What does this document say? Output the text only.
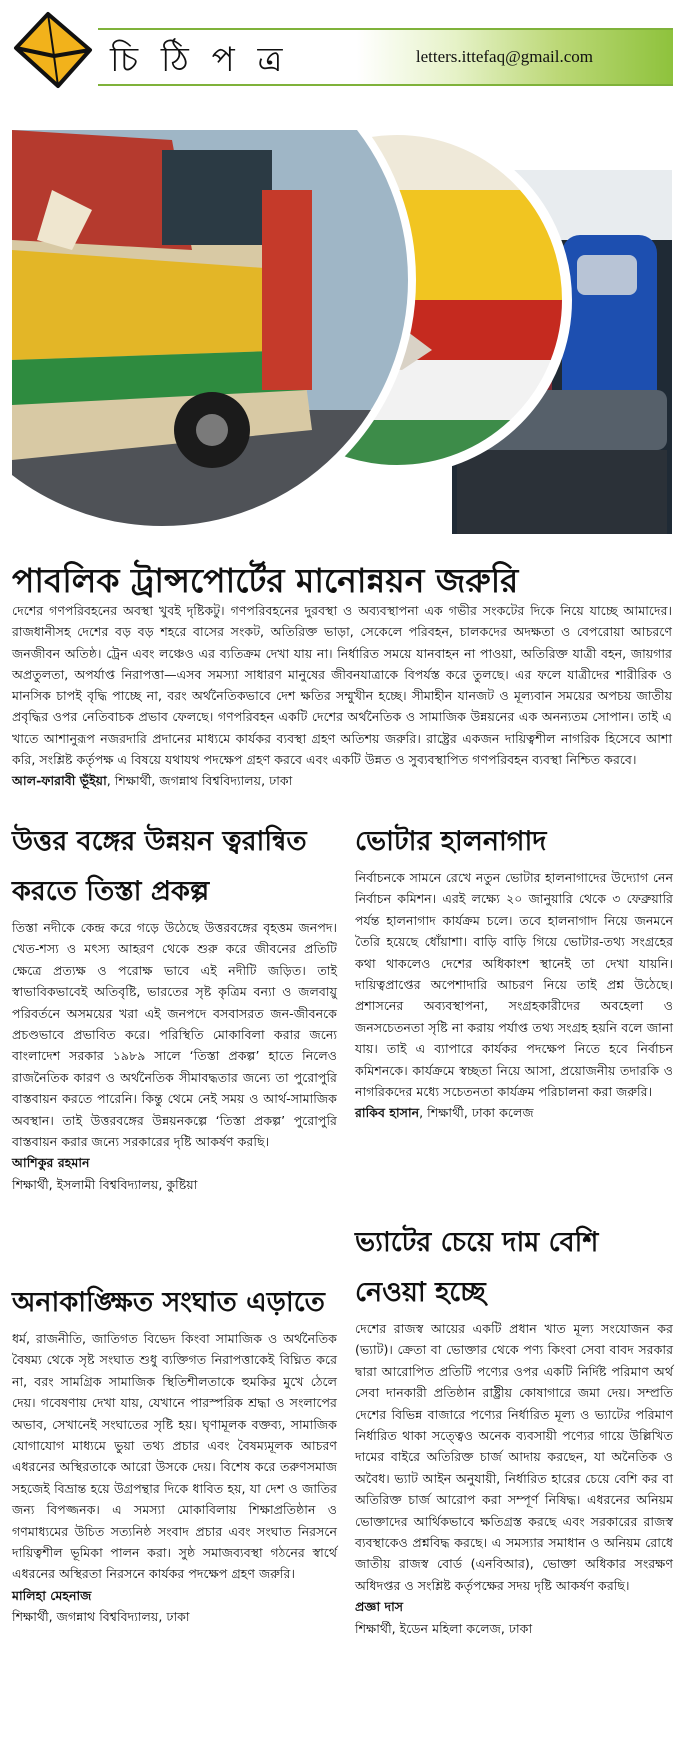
চি ঠি প ত্র	letters.ittefaq@gmail.com
পাবলিক ট্রান্সপোর্টের মানোন্নয়ন জরুরি
দেশের গণপরিবহনের অবস্থা খুবই দৃষ্টিকটু। গণপরিবহনের দুরবস্থা ও অব্যবস্থাপনা এক গভীর সংকটের দিকে নিয়ে যাচ্ছে আমাদের। রাজধানীসহ দেশের বড় বড় শহরে বাসের সংকট, অতিরিক্ত ভাড়া, সেকেলে পরিবহন, চালকদের অদক্ষতা ও বেপরোয়া আচরণে জনজীবন অতিষ্ঠ। ট্রেন এবং লঞ্চেও এর ব্যতিক্রম দেখা যায় না। নির্ধারিত সময়ে যানবাহন না পাওয়া, অতিরিক্ত যাত্রী বহন, জায়গার অপ্রতুলতা, অপর্যাপ্ত নিরাপত্তা—এসব সমস্যা সাধারণ মানুষের জীবনযাত্রাকে বিপর্যস্ত করে তুলছে। এর ফলে যাত্রীদের শারীরিক ও মানসিক চাপই বৃদ্ধি পাচ্ছে না, বরং অর্থনৈতিকভাবে দেশ ক্ষতির সম্মুখীন হচ্ছে। সীমাহীন যানজট ও মূল্যবান সময়ের অপচয় জাতীয় প্রবৃদ্ধির ওপর নেতিবাচক প্রভাব ফেলছে। গণপরিবহন একটি দেশের অর্থনৈতিক ও সামাজিক উন্নয়নের এক অনন্যতম সোপান। তাই এ খাতে আশানুরূপ নজরদারি প্রদানের মাধ্যমে কার্যকর ব্যবস্থা গ্রহণ অতিশয় জরুরি। রাষ্ট্রের একজন দায়িত্বশীল নাগরিক হিসেবে আশা করি, সংশ্লিষ্ট কর্তৃপক্ষ এ বিষয়ে যথাযথ পদক্ষেপ গ্রহণ করবে এবং একটি উন্নত ও সুব্যবস্থাপিত গণপরিবহন ব্যবস্থা নিশ্চিত করবে।
আল-ফারাবী ভূঁইয়া, শিক্ষার্থী, জগন্নাথ বিশ্ববিদ্যালয়, ঢাকা
উত্তর বঙ্গের উন্নয়ন ত্বরান্বিত করতে তিস্তা প্রকল্প
তিস্তা নদীকে কেন্দ্র করে গড়ে উঠেছে উত্তরবঙ্গের বৃহত্তম জনপদ। খেত-শস্য ও মৎস্য আহরণ থেকে শুরু করে জীবনের প্রতিটি ক্ষেত্রে প্রত্যক্ষ ও পরোক্ষ ভাবে এই নদীটি জড়িত। তাই স্বাভাবিকভাবেই অতিবৃষ্টি, ভারতের সৃষ্ট কৃত্রিম বন্যা ও জলবায়ু পরিবর্তনে অসময়ের খরা এই জনপদে বসবাসরত জন-জীবনকে প্রচণ্ডভাবে প্রভাবিত করে। পরিস্থিতি মোকাবিলা করার জন্যে বাংলাদেশ সরকার ১৯৮৯ সালে ‘তিস্তা প্রকল্প’ হাতে নিলেও রাজনৈতিক কারণ ও অর্থনৈতিক সীমাবদ্ধতার জন্যে তা পুরোপুরি বাস্তবায়ন করতে পারেনি। কিন্তু থেমে নেই সময় ও আর্থ-সামাজিক অবস্থান। তাই উত্তরবঙ্গের উন্নয়নকল্পে ‘তিস্তা প্রকল্প’ পুরোপুরি বাস্তবায়ন করার জন্যে সরকারের দৃষ্টি আকর্ষণ করছি।
আশিকুর রহমান
শিক্ষার্থী, ইসলামী বিশ্ববিদ্যালয়, কুষ্টিয়া
অনাকাঙ্ক্ষিত সংঘাত এড়াতে
ধর্ম, রাজনীতি, জাতিগত বিভেদ কিংবা সামাজিক ও অর্থনৈতিক বৈষম্য থেকে সৃষ্ট সংঘাত শুধু ব্যক্তিগত নিরাপত্তাকেই বিঘ্নিত করে না, বরং সামগ্রিক সামাজিক স্থিতিশীলতাকে হুমকির মুখে ঠেলে দেয়। গবেষণায় দেখা যায়, যেখানে পারস্পরিক শ্রদ্ধা ও সংলাপের অভাব, সেখানেই সংঘাতের সৃষ্টি হয়। ঘৃণামূলক বক্তব্য, সামাজিক যোগাযোগ মাধ্যমে ভুয়া তথ্য প্রচার এবং বৈষম্যমূলক আচরণ এধরনের অস্থিরতাকে আরো উসকে দেয়। বিশেষ করে তরুণসমাজ সহজেই বিভ্রান্ত হয়ে উগ্রপন্থার দিকে ধাবিত হয়, যা দেশ ও জাতির জন্য বিপজ্জনক। এ সমস্যা মোকাবিলায় শিক্ষাপ্রতিষ্ঠান ও গণমাধ্যমের উচিত সত্যনিষ্ঠ সংবাদ প্রচার এবং সংঘাত নিরসনে দায়িত্বশীল ভূমিকা পালন করা। সুষ্ঠ সমাজব্যবস্থা গঠনের স্বার্থে এধরনের অস্থিরতা নিরসনে কার্যকর পদক্ষেপ গ্রহণ জরুরি।
মালিহা মেহনাজ
শিক্ষার্থী, জগন্নাথ বিশ্ববিদ্যালয়, ঢাকা
ভোটার হালনাগাদ
নির্বাচনকে সামনে রেখে নতুন ভোটার হালনাগাদের উদ্যোগ নেন নির্বাচন কমিশন। এরই লক্ষ্যে ২০ জানুয়ারি থেকে ৩ ফেব্রুয়ারি পর্যন্ত হালনাগাদ কার্যক্রম চলে। তবে হালনাগাদ নিয়ে জনমনে তৈরি হয়েছে ধোঁয়াশা। বাড়ি বাড়ি গিয়ে ভোটার-তথ্য সংগ্রহের কথা থাকলেও দেশের অধিকাংশ স্থানেই তা দেখা যায়নি। দায়িত্বপ্রাপ্তের অপেশাদারি আচরণ নিয়ে তাই প্রশ্ন উঠেছে। প্রশাসনের অব্যবস্থাপনা, সংগ্রহকারীদের অবহেলা ও জনসচেতনতা সৃষ্টি না করায় পর্যাপ্ত তথ্য সংগ্রহ হয়নি বলে জানা যায়। তাই এ ব্যাপারে কার্যকর পদক্ষেপ নিতে হবে নির্বাচন কমিশনকে। কার্যক্রমে স্বচ্ছতা নিয়ে আসা, প্রয়োজনীয় তদারকি ও নাগরিকদের মধ্যে সচেতনতা কার্যক্রম পরিচালনা করা জরুরি।
রাকিব হাসান, শিক্ষার্থী, ঢাকা কলেজ
ভ্যাটের চেয়ে দাম বেশি নেওয়া হচ্ছে
দেশের রাজস্ব আয়ের একটি প্রধান খাত মূল্য সংযোজন কর (ভ্যাট)। ক্রেতা বা ভোক্তার থেকে পণ্য কিংবা সেবা বাবদ সরকার দ্বারা আরোপিত প্রতিটি পণ্যের ওপর একটি নির্দিষ্ট পরিমাণ অর্থ সেবা দানকারী প্রতিষ্ঠান রাষ্ট্রীয় কোষাগারে জমা দেয়। সম্প্রতি দেশের বিভিন্ন বাজারে পণ্যের নির্ধারিত মূল্য ও ভ্যাটের পরিমাণ নির্ধারিত থাকা সত্ত্বেও অনেক ব্যবসায়ী পণ্যের গায়ে উল্লিখিত দামের বাইরে অতিরিক্ত চার্জ আদায় করছেন, যা অনৈতিক ও অবৈধ। ভ্যাট আইন অনুযায়ী, নির্ধারিত হারের চেয়ে বেশি কর বা অতিরিক্ত চার্জ আরোপ করা সম্পূর্ণ নিষিদ্ধ। এধরনের অনিয়ম ভোক্তাদের আর্থিকভাবে ক্ষতিগ্রস্ত করছে এবং সরকারের রাজস্ব ব্যবস্থাকেও প্রশ্নবিদ্ধ করছে। এ সমস্যার সমাধান ও অনিয়ম রোধে জাতীয় রাজস্ব বোর্ড (এনবিআর), ভোক্তা অধিকার সংরক্ষণ অধিদপ্তর ও সংশ্লিষ্ট কর্তৃপক্ষের সদয় দৃষ্টি আকর্ষণ করছি।
প্রজ্ঞা দাস
শিক্ষার্থী, ইডেন মহিলা কলেজ, ঢাকা
